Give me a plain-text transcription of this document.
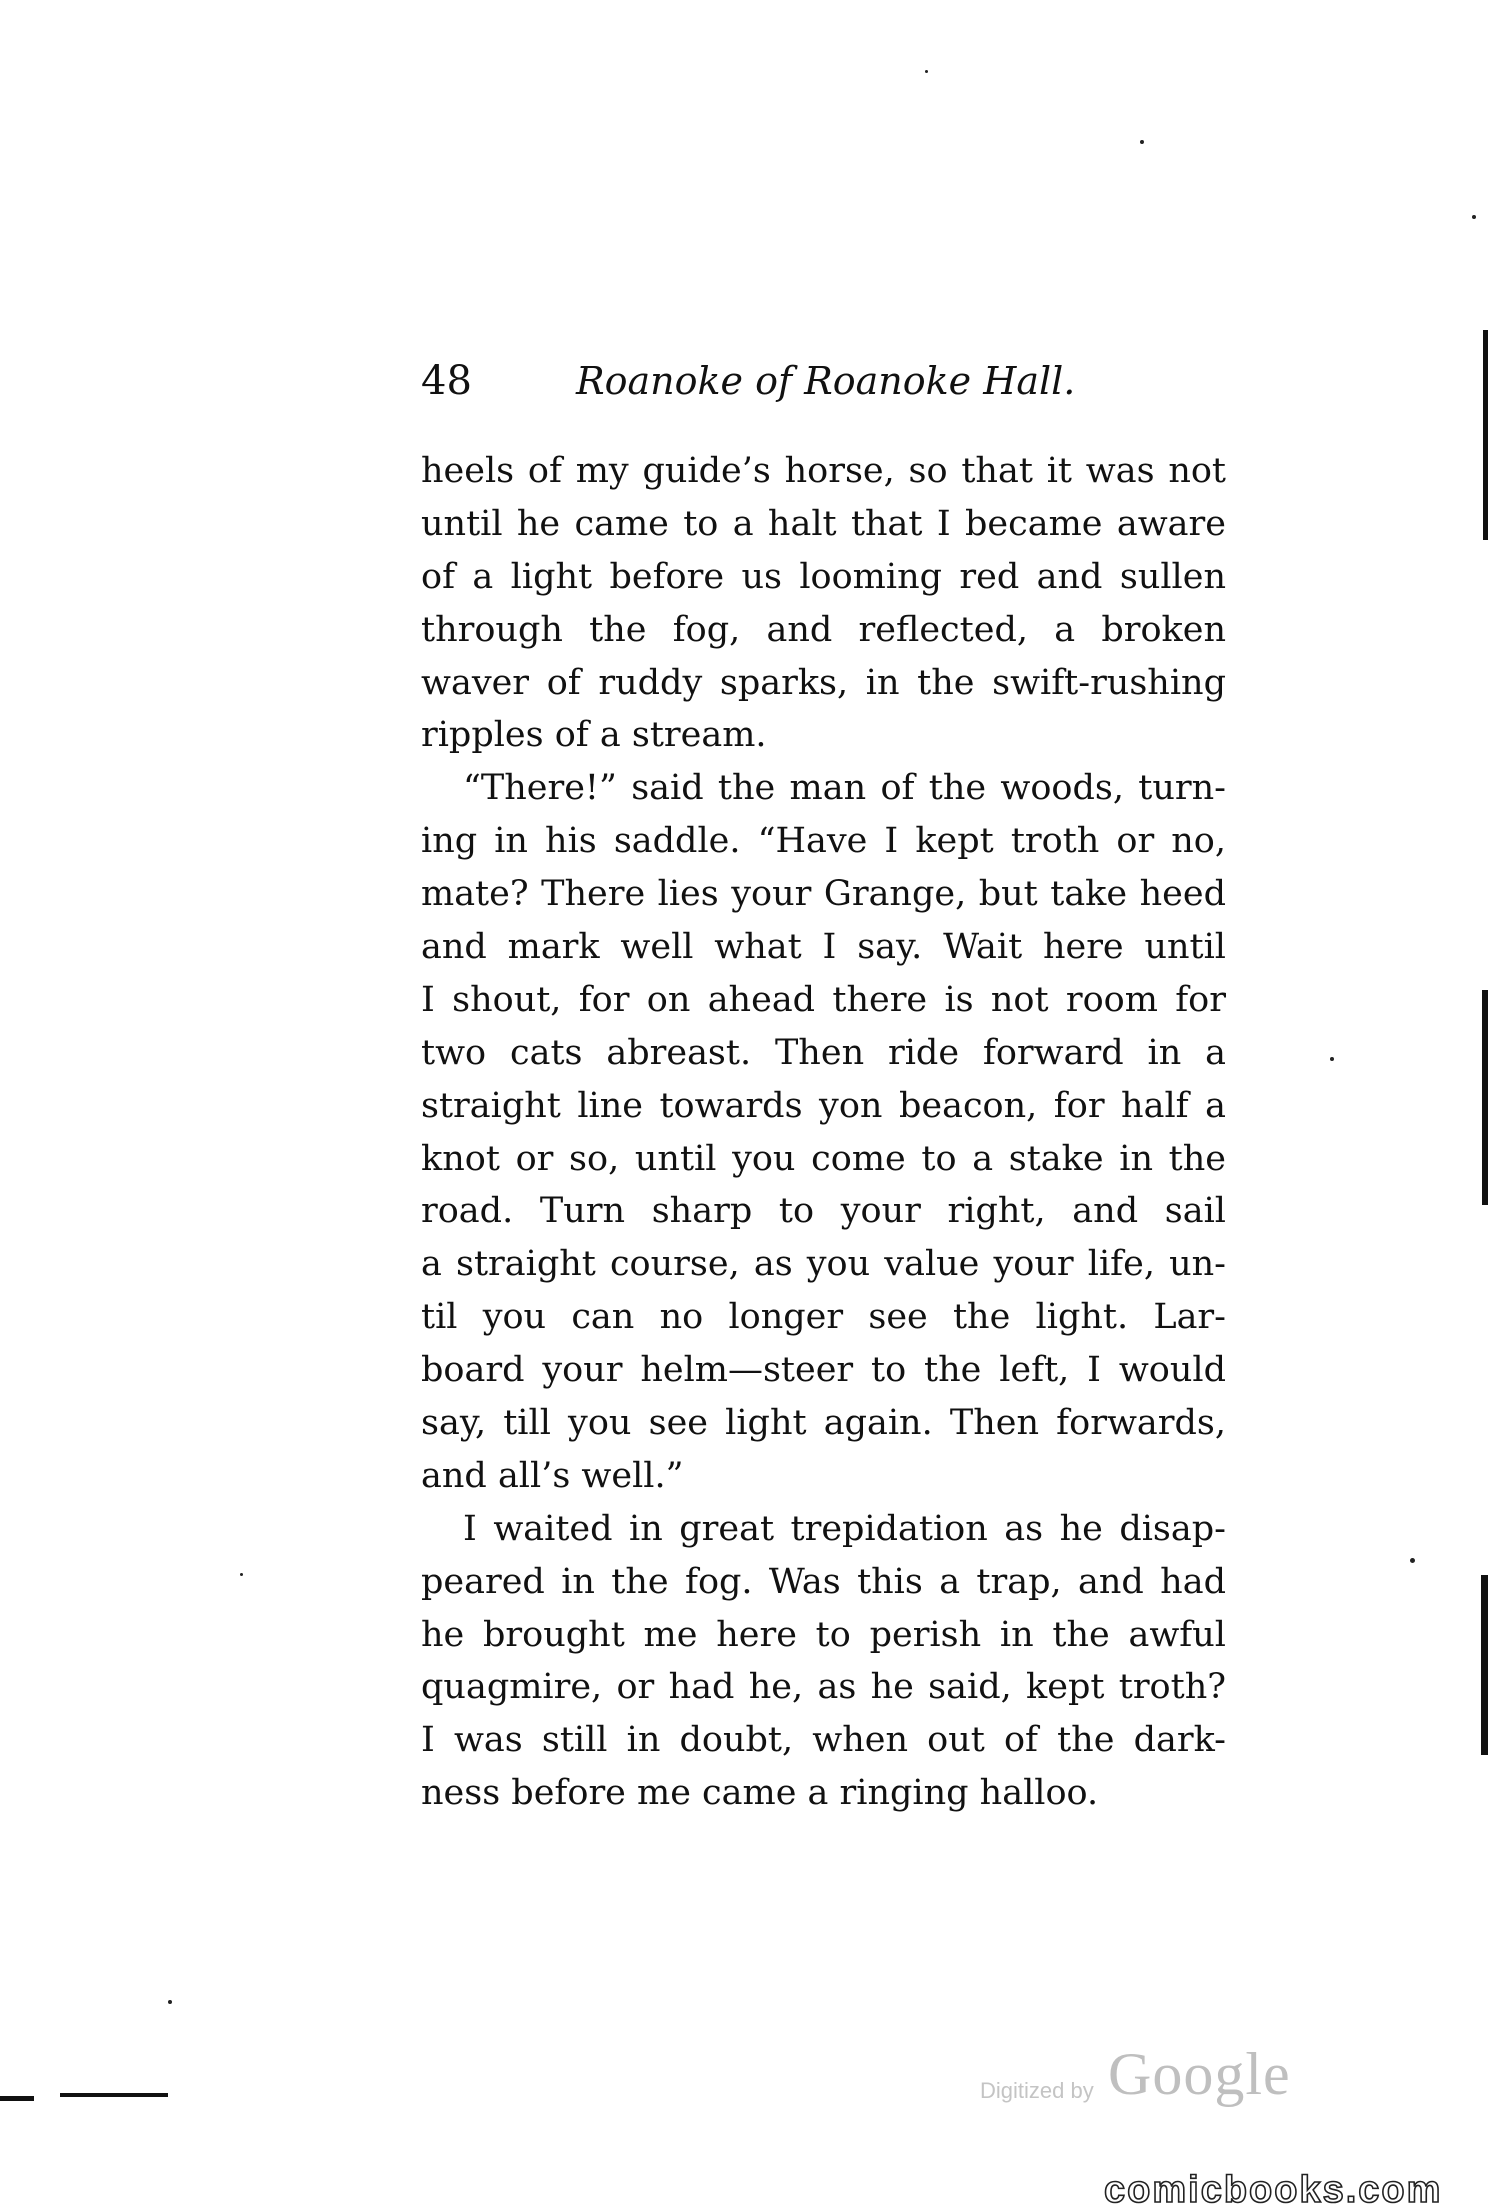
48	Roanoke of Roanoke Hall.

heels of my guide’s horse, so that it was not
until he came to a halt that I became aware
of a light before us looming red and sullen
through the fog, and reflected, a broken
waver of ruddy sparks, in the swift-rushing
ripples of a stream.

“There!” said the man of the woods, turn-
ing in his saddle. “Have I kept troth or no,
mate? There lies your Grange, but take heed
and mark well what I say. Wait here until
I shout, for on ahead there is not room for
two cats abreast. Then ride forward in a
straight line towards yon beacon, for half a
knot or so, until you come to a stake in the
road. Turn sharp to your right, and sail
a straight course, as you value your life, un-
til you can no longer see the light. Lar-
board your helm—steer to the left, I would
say, till you see light again. Then forwards,
and all’s well.”

I waited in great trepidation as he disap-
peared in the fog. Was this a trap, and had
he brought me here to perish in the awful
quagmire, or had he, as he said, kept troth?
I was still in doubt, when out of the dark-
ness before me came a ringing halloo.

Digitized by Google
comicbooks.com
